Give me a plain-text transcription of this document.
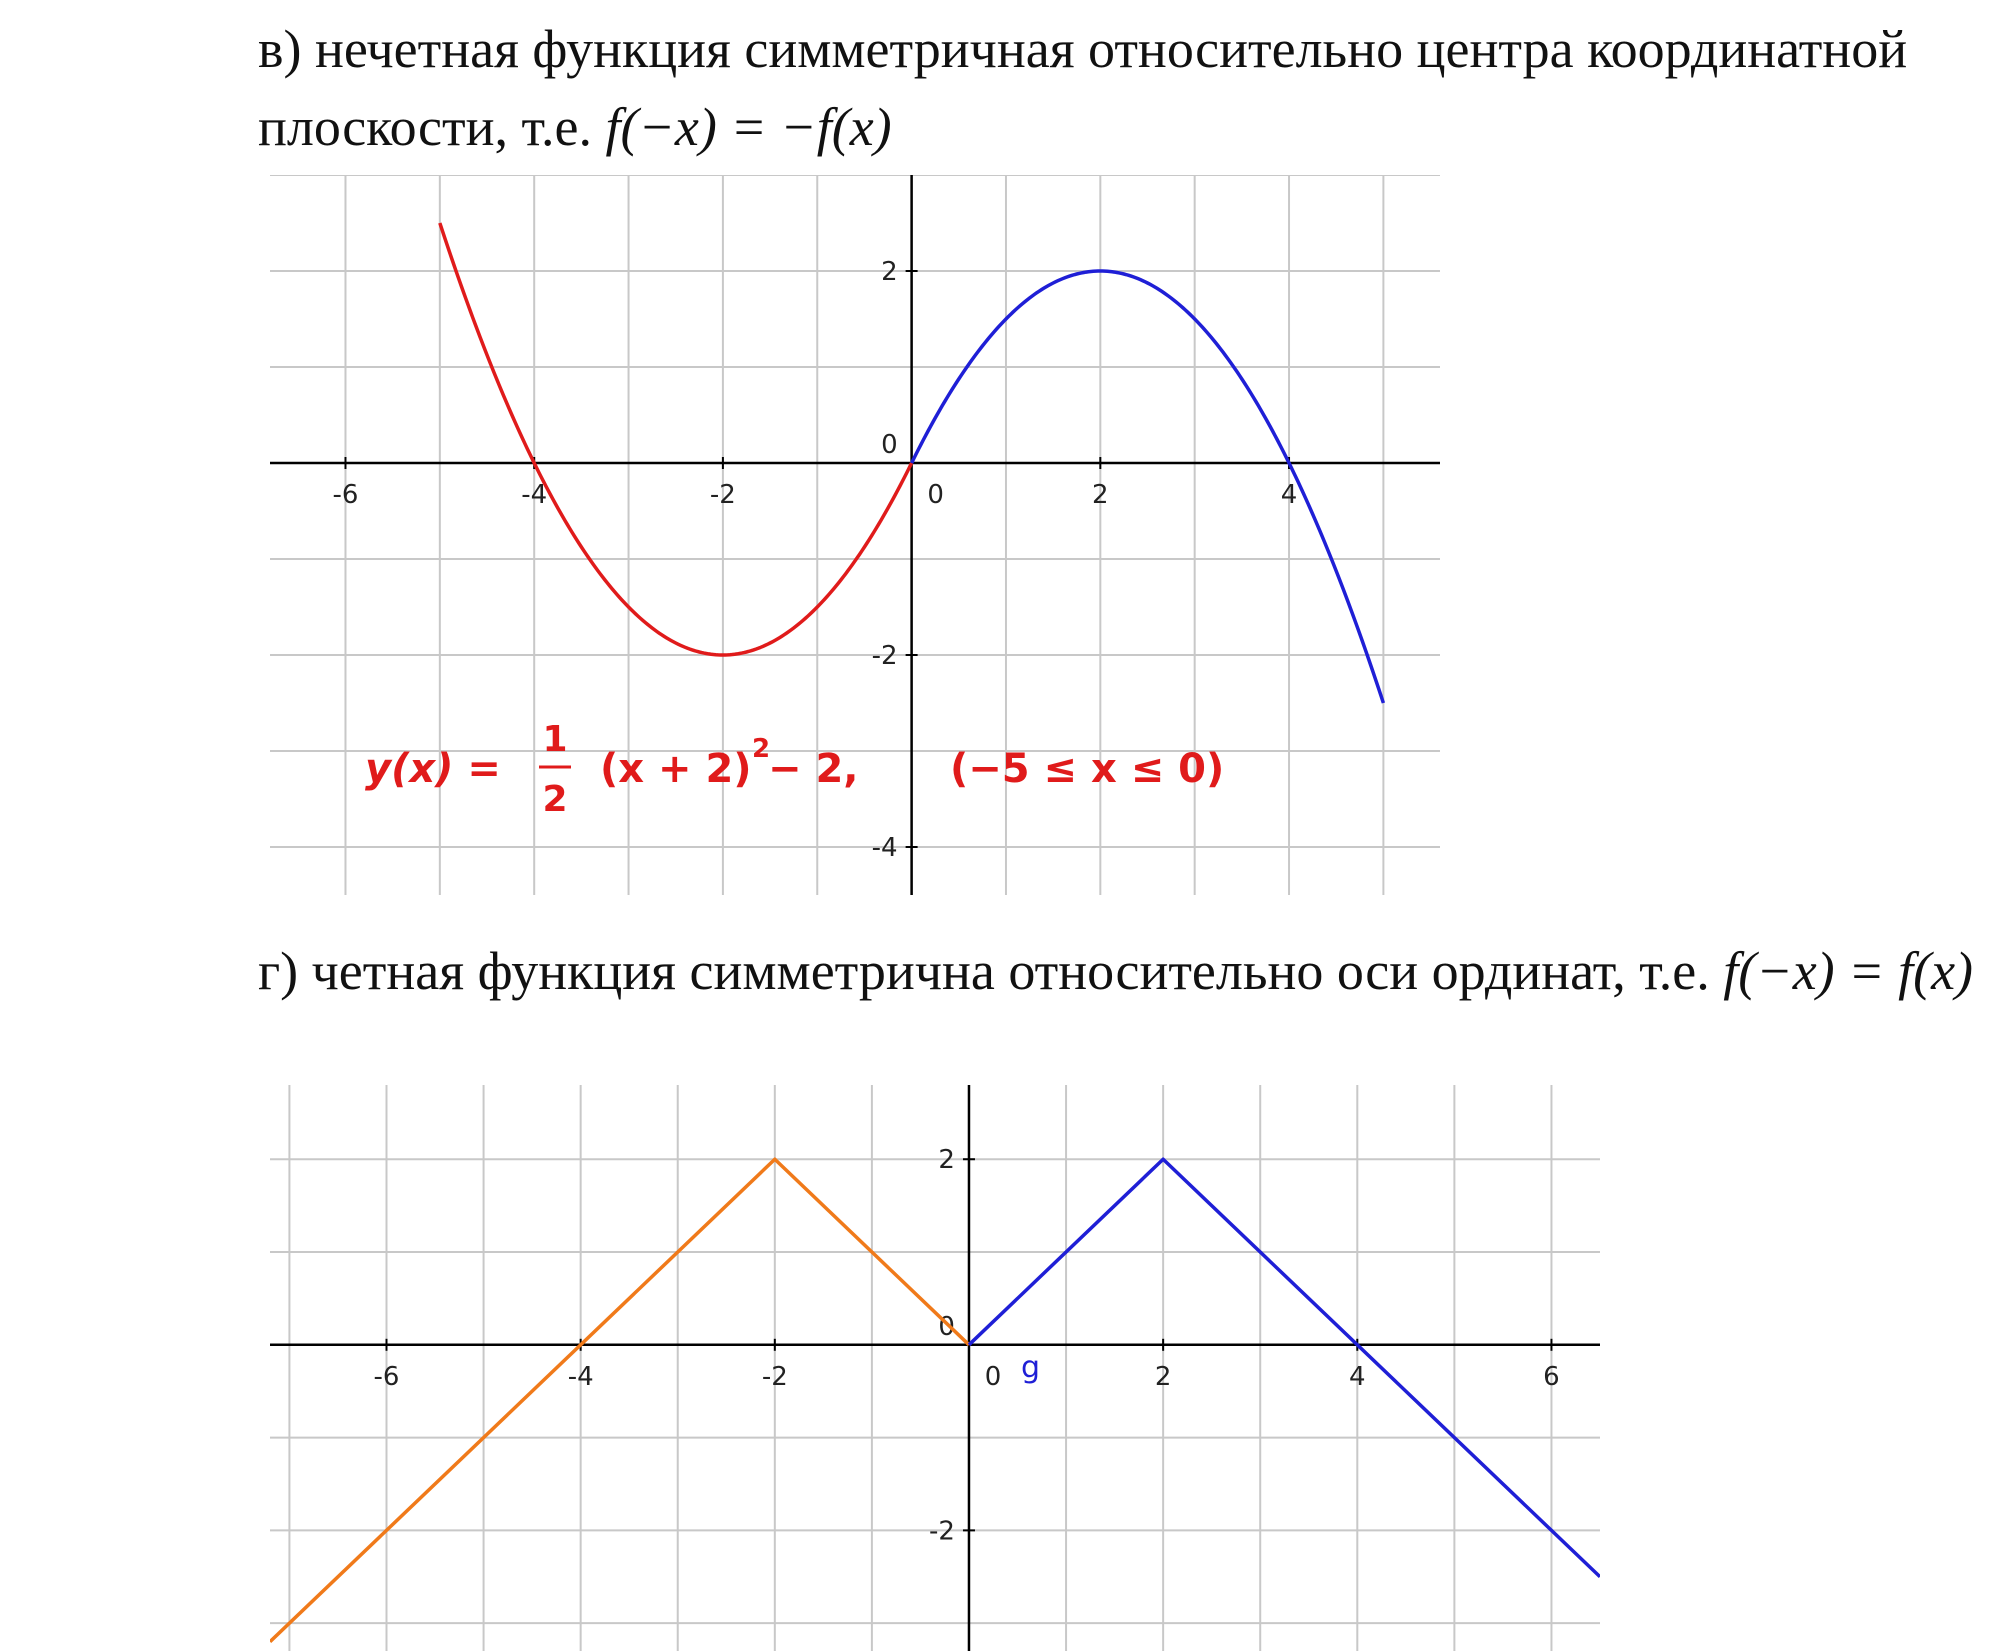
в) нечетная функция симметричная относительно центра координатной плоскости, т.е. f(−x) = −f(x)

-6	-4	-2	0	2	4
2
0
-2
-4
y(x) =
1
2
(x + 2) 2
− 2, (−5 ≤ x ≤ 0)

г) четная функция симметрична относительно оси ординат, т.е. f(−x) = f(x)

-6	-4	-2	0	2	4	6
2
0
-2
g
